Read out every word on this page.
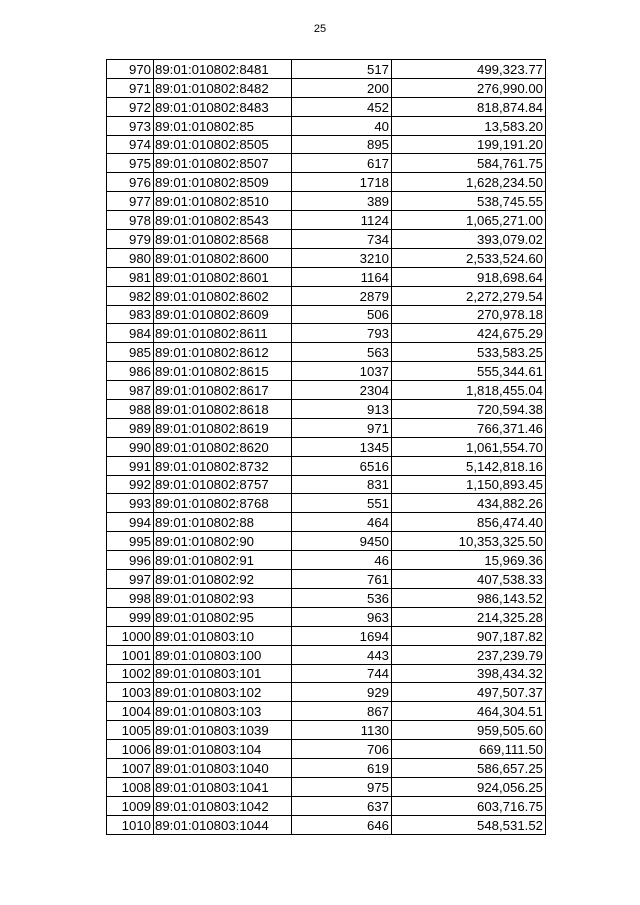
25
970	89:01:010802:8481	517	499,323.77
971	89:01:010802:8482	200	276,990.00
972	89:01:010802:8483	452	818,874.84
973	89:01:010802:85	40	13,583.20
974	89:01:010802:8505	895	199,191.20
975	89:01:010802:8507	617	584,761.75
976	89:01:010802:8509	1718	1,628,234.50
977	89:01:010802:8510	389	538,745.55
978	89:01:010802:8543	1124	1,065,271.00
979	89:01:010802:8568	734	393,079.02
980	89:01:010802:8600	3210	2,533,524.60
981	89:01:010802:8601	1164	918,698.64
982	89:01:010802:8602	2879	2,272,279.54
983	89:01:010802:8609	506	270,978.18
984	89:01:010802:8611	793	424,675.29
985	89:01:010802:8612	563	533,583.25
986	89:01:010802:8615	1037	555,344.61
987	89:01:010802:8617	2304	1,818,455.04
988	89:01:010802:8618	913	720,594.38
989	89:01:010802:8619	971	766,371.46
990	89:01:010802:8620	1345	1,061,554.70
991	89:01:010802:8732	6516	5,142,818.16
992	89:01:010802:8757	831	1,150,893.45
993	89:01:010802:8768	551	434,882.26
994	89:01:010802:88	464	856,474.40
995	89:01:010802:90	9450	10,353,325.50
996	89:01:010802:91	46	15,969.36
997	89:01:010802:92	761	407,538.33
998	89:01:010802:93	536	986,143.52
999	89:01:010802:95	963	214,325.28
1000	89:01:010803:10	1694	907,187.82
1001	89:01:010803:100	443	237,239.79
1002	89:01:010803:101	744	398,434.32
1003	89:01:010803:102	929	497,507.37
1004	89:01:010803:103	867	464,304.51
1005	89:01:010803:1039	1130	959,505.60
1006	89:01:010803:104	706	669,111.50
1007	89:01:010803:1040	619	586,657.25
1008	89:01:010803:1041	975	924,056.25
1009	89:01:010803:1042	637	603,716.75
1010	89:01:010803:1044	646	548,531.52
